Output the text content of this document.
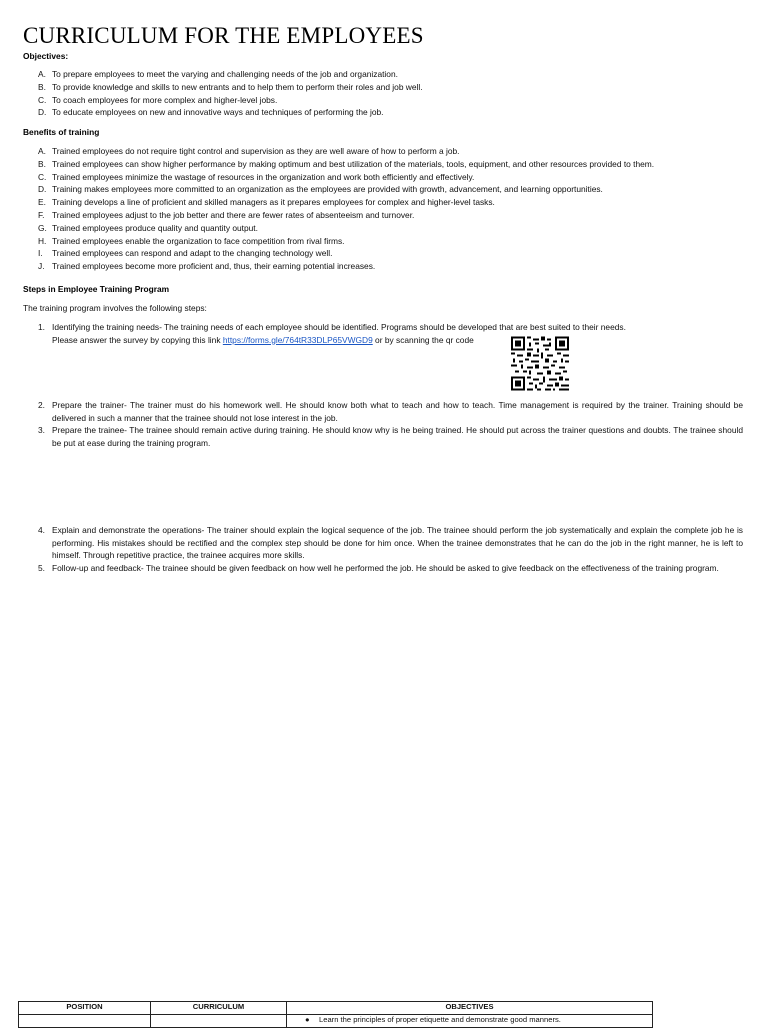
CURRICULUM FOR THE EMPLOYEES

Objectives:

A. To prepare employees to meet the varying and challenging needs of the job and organization.
B. To provide knowledge and skills to new entrants and to help them to perform their roles and job well.
C. To coach employees for more complex and higher-level jobs.
D. To educate employees on new and innovative ways and techniques of performing the job.

Benefits of training

A. Trained employees do not require tight control and supervision as they are well aware of how to perform a job.
B. Trained employees can show higher performance by making optimum and best utilization of the materials, tools, equipment, and other resources provided to them.
C. Trained employees minimize the wastage of resources in the organization and work both efficiently and effectively.
D. Training makes employees more committed to an organization as the employees are provided with growth, advancement, and learning opportunities.
E. Training develops a line of proficient and skilled managers as it prepares employees for complex and higher-level tasks.
F. Trained employees adjust to the job better and there are fewer rates of absenteeism and turnover.
G. Trained employees produce quality and quantity output.
H. Trained employees enable the organization to face competition from rival firms.
I. Trained employees can respond and adapt to the changing technology well.
J. Trained employees become more proficient and, thus, their earning potential increases.

Steps in Employee Training Program

The training program involves the following steps:

1. Identifying the training needs- The training needs of each employee should be identified. Programs should be developed that are best suited to their needs.
Please answer the survey by copying this link https://forms.gle/764tR33DLP65VWGD9 or by scanning the qr code
2. Prepare the trainer- The trainer must do his homework well. He should know both what to teach and how to teach. Time management is required by the trainer. Training should be delivered in such a manner that the trainee should not lose interest in the job.
3. Prepare the trainee- The trainee should remain active during training. He should know why is he being trained. He should put across the trainer questions and doubts. The trainee should be put at ease during the training program.
4. Explain and demonstrate the operations- The trainer should explain the logical sequence of the job. The trainee should perform the job systematically and explain the complete job he is performing. His mistakes should be rectified and the complex step should be done for him once. When the trainee demonstrates that he can do the job in the right manner, he is left to himself. Through repetitive practice, the trainee acquires more skills.
5. Follow-up and feedback- The trainee should be given feedback on how well he performed the job. He should be asked to give feedback on the effectiveness of the training program.
POSITION	CURRICULUM	OBJECTIVES
		● Learn the principles of proper etiquette and demonstrate good manners.
